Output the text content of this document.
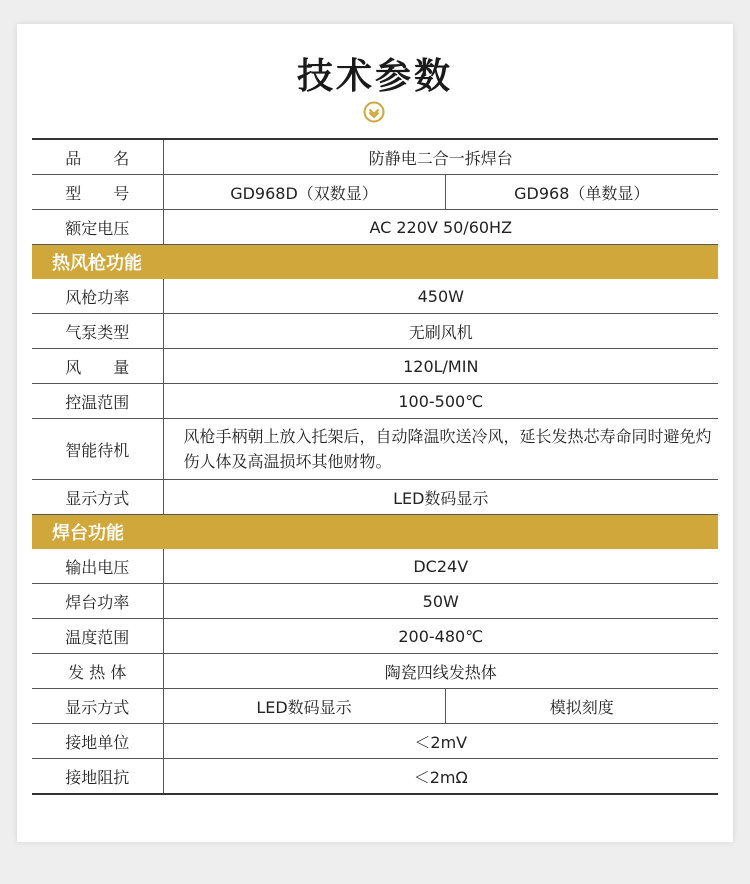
技术参数
品　　名	防静电二合一拆焊台	
型　　号	GD968D（双数显）	GD968（单数显）
额定电压	AC 220V 50/60HZ	
热风枪功能		
风枪功率	450W	
气泵类型	无刷风机	
风　　量	120L/MIN	
控温范围	100-500℃	
智能待机	风枪手柄朝上放入托架后，自动降温吹送冷风，延长发热芯寿命同时避免灼伤人体及高温损坏其他财物。	
显示方式	LED数码显示	
焊台功能		
输出电压	DC24V	
焊台功率	50W	
温度范围	200-480℃	
发 热 体	陶瓷四线发热体	
显示方式	LED数码显示	模拟刻度
接地单位	＜2mV	
接地阻抗	＜2mΩ	
